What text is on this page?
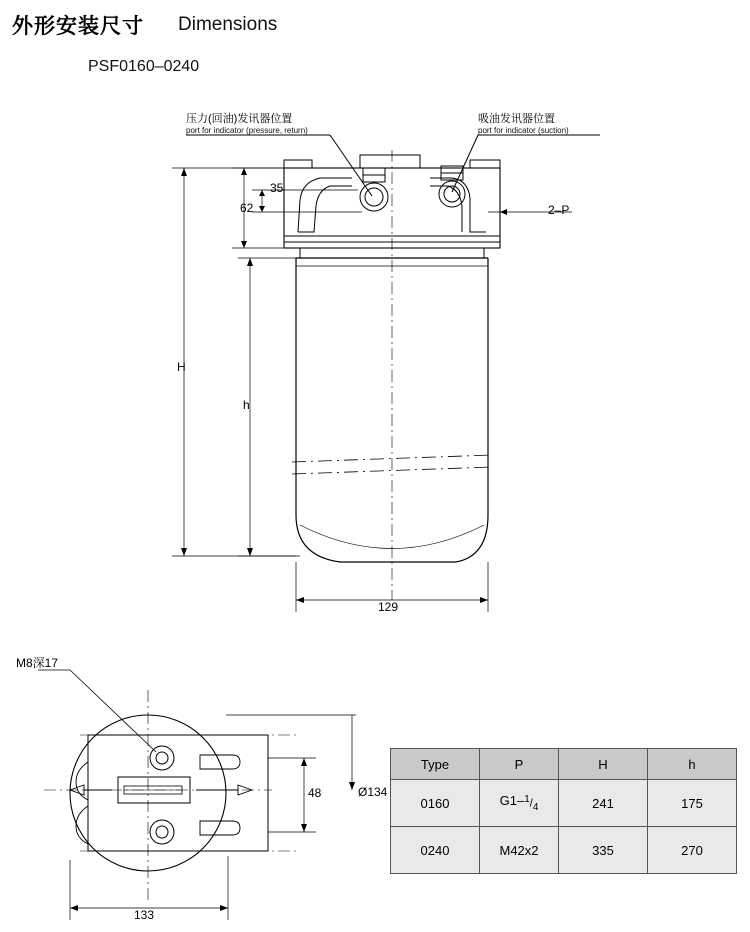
外形安装尺寸 Dimensions
PSF0160–0240
压力(回油)发讯器位置
port for indicator (pressure, return)
吸油发讯器位置
port for indicator (suction)
35
62	2–P
H
h
129
M8深17
48	Ø134
133
Type	P	H	h
0160	$G1-^1/_4$	241	175
0240	M42x2	335	270
